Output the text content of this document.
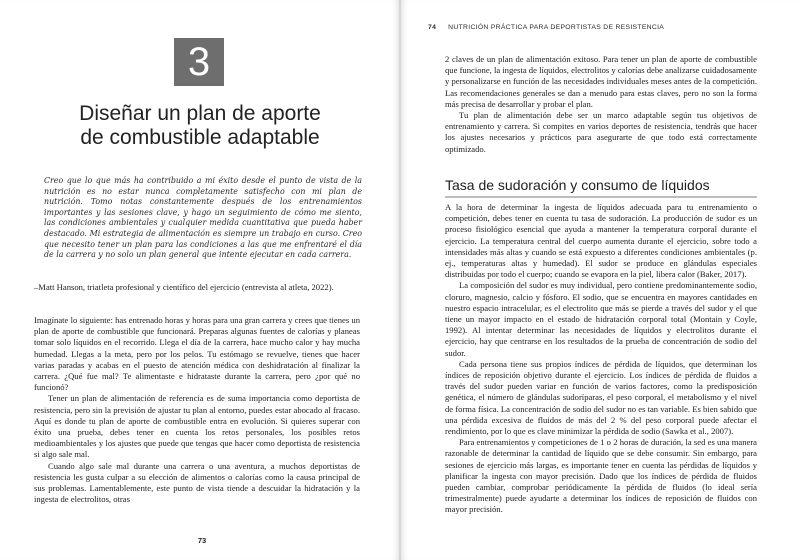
3
Diseñar un plan de aporte
de combustible adaptable
Creo que lo que más ha contribuido a mi éxito desde el punto de vista de la nutrición es no estar nunca completamente satisfecho con mi plan de nutrición. Tomo notas constantemente después de los entrenamientos importantes y las sesiones clave, y hago un seguimiento de cómo me siento, las condiciones ambientales y cualquier medida cuantitativa que pueda haber destacado. Mi estrategia de alimentación es siempre un trabajo en curso. Creo que necesito tener un plan para las condiciones a las que me enfrentaré el día de la carrera y no solo un plan general que intente ejecutar en cada carrera.
–Matt Hanson, triatleta profesional y científico del ejercicio (entrevista al atleta, 2022).

Imagínate lo siguiente: has entrenado horas y horas para una gran carrera y crees que tienes un plan de aporte de combustible que funcionará. Preparas algunas fuentes de calorías y planeas tomar solo líquidos en el recorrido. Llega el día de la carrera, hace mucho calor y hay mucha humedad. Llegas a la meta, pero por los pelos. Tu estómago se revuelve, tienes que hacer varias paradas y acabas en el puesto de atención médica con deshidratación al finalizar la carrera. ¿Qué fue mal? Te alimentaste e hidrataste durante la carrera, pero ¿por qué no funcionó?

Tener un plan de alimentación de referencia es de suma importancia como deportista de resistencia, pero sin la previsión de ajustar tu plan al entorno, puedes estar abocado al fracaso. Aquí es donde tu plan de aporte de combustible entra en evolución. Si quieres superar con éxito una prueba, debes tener en cuenta los retos personales, los posibles retos medioambientales y los ajustes que puede que tengas que hacer como deportista de resistencia si algo sale mal.

Cuando algo sale mal durante una carrera o una aventura, a muchos deportistas de resistencia les gusta culpar a su elección de alimentos o calorías como la causa principal de sus problemas. Lamentablemente, este punto de vista tiende a descuidar la hidratación y la ingesta de electrolitos, otras

73
74 NUTRICIÓN PRÁCTICA PARA DEPORTISTAS DE RESISTENCIA

2 claves de un plan de alimentación exitoso. Para tener un plan de aporte de combustible que funcione, la ingesta de líquidos, electrolitos y calorías debe analizarse cuidadosamente y personalizarse en función de las necesidades individuales meses antes de la competición. Las recomendaciones generales se dan a menudo para estas claves, pero no son la forma más precisa de desarrollar y probar el plan.

Tu plan de alimentación debe ser un marco adaptable según tus objetivos de entrenamiento y carrera. Si compites en varios deportes de resistencia, tendrás que hacer los ajustes necesarios y prácticos para asegurarte de que todo está correctamente optimizado.

Tasa de sudoración y consumo de líquidos

A la hora de determinar la ingesta de líquidos adecuada para tu entrenamiento o competición, debes tener en cuenta tu tasa de sudoración. La producción de sudor es un proceso fisiológico esencial que ayuda a mantener la temperatura corporal durante el ejercicio. La temperatura central del cuerpo aumenta durante el ejercicio, sobre todo a intensidades más altas y cuando se está expuesto a diferentes condiciones ambientales (p. ej., temperaturas altas y humedad). El sudor se produce en glándulas especiales distribuidas por todo el cuerpo; cuando se evapora en la piel, libera calor (Baker, 2017).

La composición del sudor es muy individual, pero contiene predominantemente sodio, cloruro, magnesio, calcio y fósforo. El sodio, que se encuentra en mayores cantidades en nuestro espacio intracelular, es el electrolito que más se pierde a través del sudor y el que tiene un mayor impacto en el estado de hidratación corporal total (Montain y Coyle, 1992). Al intentar determinar las necesidades de líquidos y electrolitos durante el ejercicio, hay que centrarse en los resultados de la prueba de concentración de sodio del sudor.

Cada persona tiene sus propios índices de pérdida de líquidos, que determinan los índices de reposición objetivo durante el ejercicio. Los índices de pérdida de fluidos a través del sudor pueden variar en función de varios factores, como la predisposición genética, el número de glándulas sudoríparas, el peso corporal, el metabolismo y el nivel de forma física. La concentración de sodio del sudor no es tan variable. Es bien sabido que una pérdida excesiva de fluidos de más del 2 % del peso corporal puede afectar el rendimiento, por lo que es clave minimizar la pérdida de sodio (Sawka et al., 2007).

Para entrenamientos y competiciones de 1 o 2 horas de duración, la sed es una manera razonable de determinar la cantidad de líquido que se debe consumir. Sin embargo, para sesiones de ejercicio más largas, es importante tener en cuenta las pérdidas de líquidos y planificar la ingesta con mayor precisión. Dado que los índices de pérdida de fluidos pueden cambiar, comprobar periódicamente la pérdida de fluidos (lo ideal sería trimestralmente) puede ayudarte a determinar los índices de reposición de fluidos con mayor precisión.
